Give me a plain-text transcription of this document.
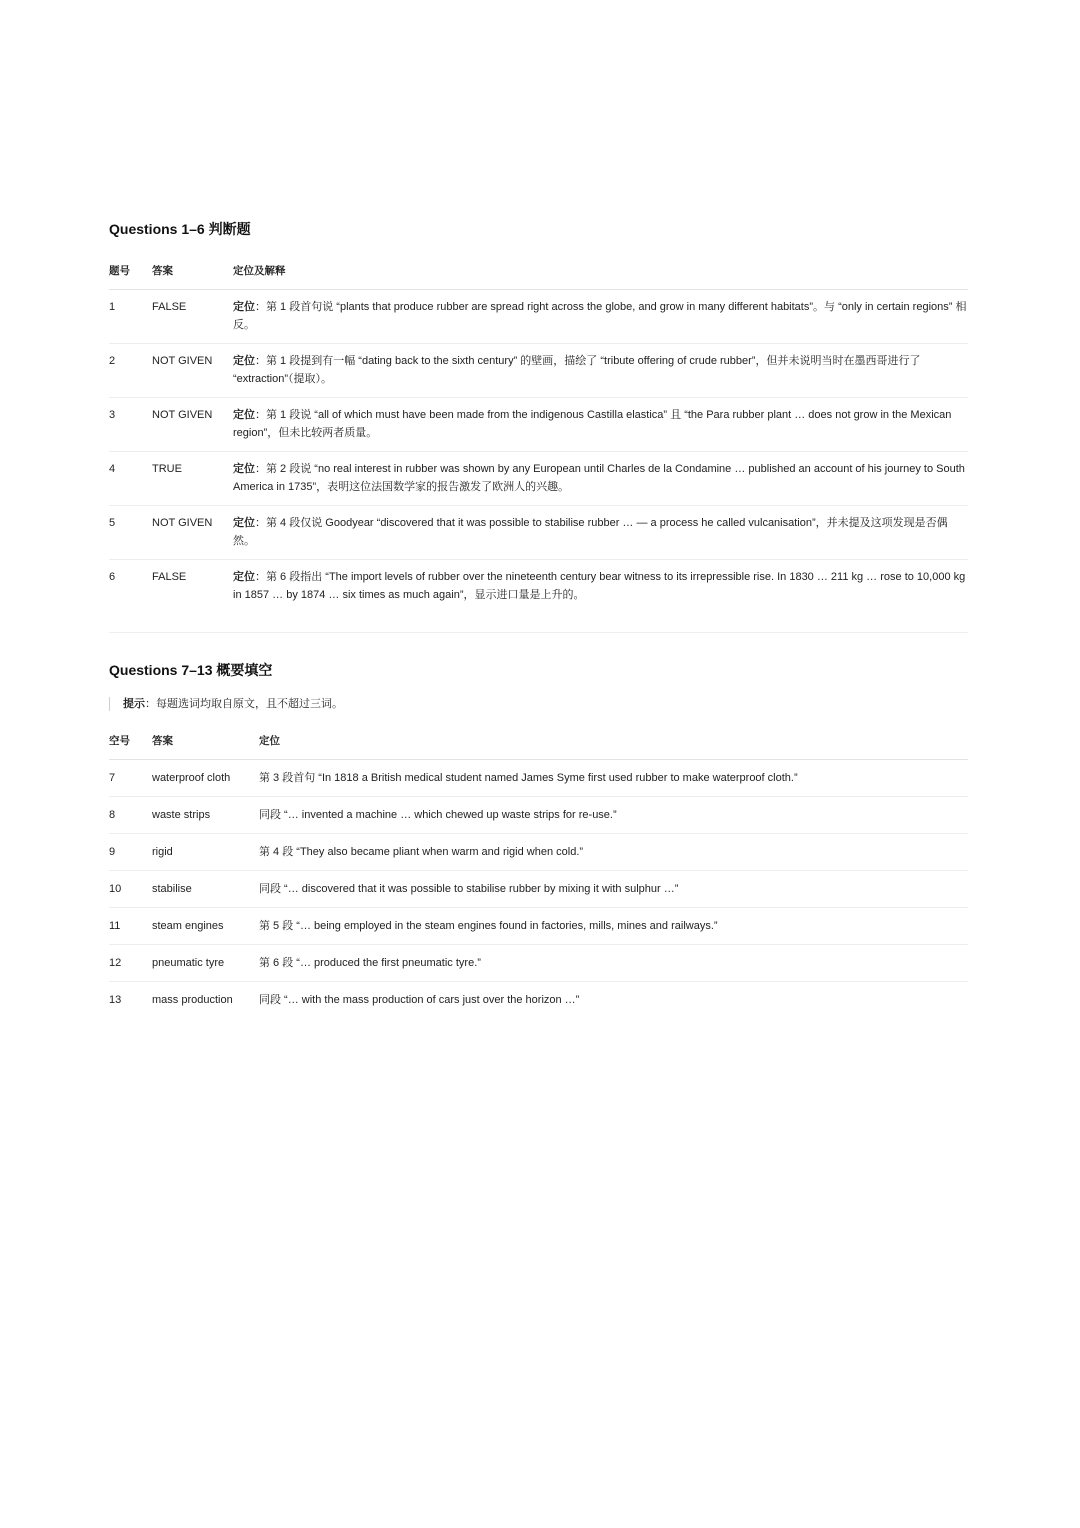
Questions 1–6 判断题
题号	答案	定位及解释
1	FALSE	定位：第 1 段首句说 “plants that produce rubber are spread right across the globe, and grow in many different habitats”。与 “only in certain regions” 相反。
2	NOT GIVEN	定位：第 1 段提到有一幅 “dating back to the sixth century” 的壁画，描绘了 “tribute offering of crude rubber”，但并未说明当时在墨西哥进行了 “extraction”（提取）。
3	NOT GIVEN	定位：第 1 段说 “all of which must have been made from the indigenous Castilla elastica” 且 “the Para rubber plant … does not grow in the Mexican region”，但未比较两者质量。
4	TRUE	定位：第 2 段说 “no real interest in rubber was shown by any European until Charles de la Condamine … published an account of his journey to South America in 1735”，表明这位法国数学家的报告激发了欧洲人的兴趣。
5	NOT GIVEN	定位：第 4 段仅说 Goodyear “discovered that it was possible to stabilise rubber … — a process he called vulcanisation”，并未提及这项发现是否偶然。
6	FALSE	定位：第 6 段指出 “The import levels of rubber over the nineteenth century bear witness to its irrepressible rise. In 1830 … 211 kg … rose to 10,000 kg in 1857 … by 1874 … six times as much again”，显示进口量是上升的。
Questions 7–13 概要填空
提示：每题选词均取自原文，且不超过三词。
空号	答案	定位
7	waterproof cloth	第 3 段首句 “In 1818 a British medical student named James Syme first used rubber to make waterproof cloth.”
8	waste strips	同段 “… invented a machine … which chewed up waste strips for re-use.”
9	rigid	第 4 段 “They also became pliant when warm and rigid when cold.”
10	stabilise	同段 “… discovered that it was possible to stabilise rubber by mixing it with sulphur …”
11	steam engines	第 5 段 “… being employed in the steam engines found in factories, mills, mines and railways.”
12	pneumatic tyre	第 6 段 “… produced the first pneumatic tyre.”
13	mass production	同段 “… with the mass production of cars just over the horizon …”
